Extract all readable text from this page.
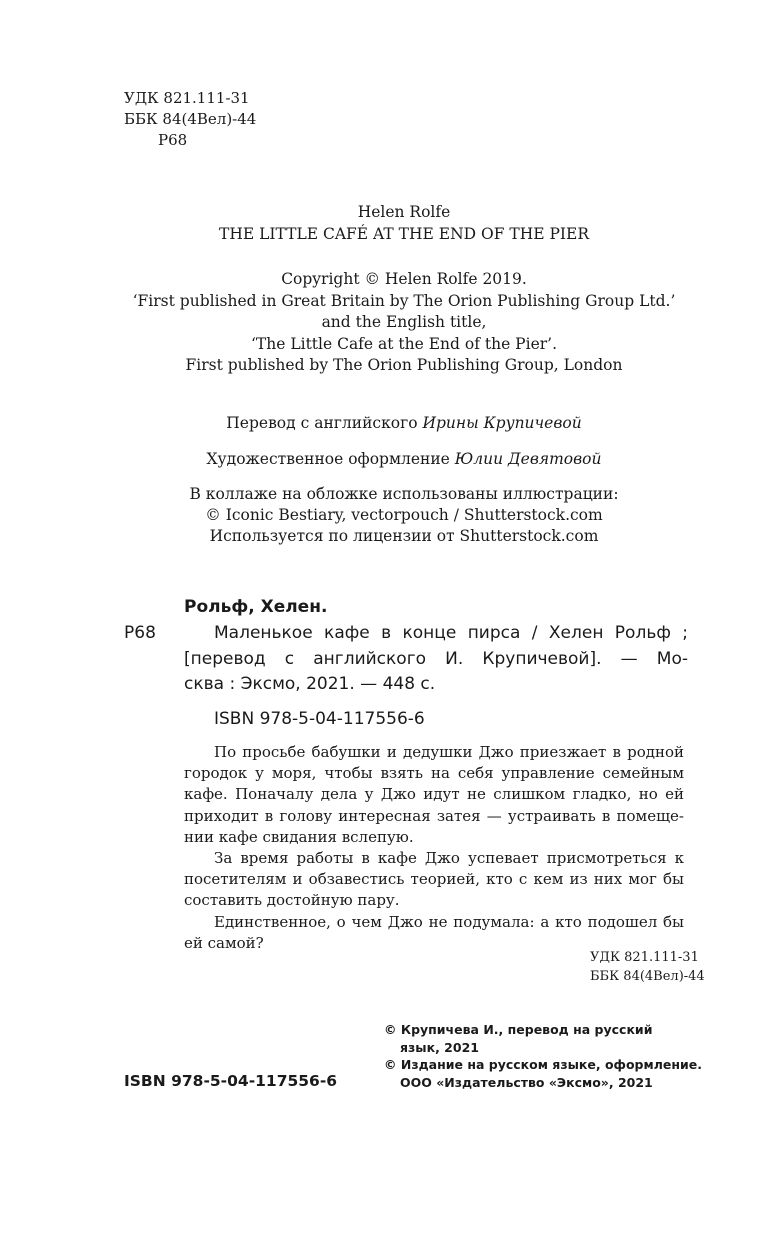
УДК 821.111-31
ББК 84(4Вел)-44
Р68
Helen Rolfe
THE LITTLE CAFÉ AT THE END OF THE PIER
Copyright © Helen Rolfe 2019.
‘First published in Great Britain by The Orion Publishing Group Ltd.’
and the English title,
‘The Little Cafe at the End of the Pier’.
First published by The Orion Publishing Group, London
Перевод с английского Ирины Крупичевой
Художественное оформление Юлии Девятовой
В коллаже на обложке использованы иллюстрации:
© Iconic Bestiary, vectorpouch / Shutterstock.com
Используется по лицензии от Shutterstock.com
Рольф, Хелен.
Р68	Маленькое кафе в конце пирса / Хелен Рольф ;
[перевод с английского И. Крупичевой]. — Мо-
сква : Эксмо, 2021. — 448 с.
ISBN 978-5-04-117556-6
По просьбе бабушки и дедушки Джо приезжает в родной
городок у моря, чтобы взять на себя управление семейным
кафе. Поначалу дела у Джо идут не слишком гладко, но ей
приходит в голову интересная затея — устраивать в помеще-
нии кафе свидания вслепую.
За время работы в кафе Джо успевает присмотреться к
посетителям и обзавестись теорией, кто с кем из них мог бы
составить достойную пару.
Единственное, о чем Джо не подумала: а кто подошел бы
ей самой?
УДК 821.111-31
ББК 84(4Вел)-44
© Крупичева И., перевод на русский
язык, 2021
© Издание на русском языке, оформление.
ООО «Издательство «Эксмо», 2021
ISBN 978-5-04-117556-6
